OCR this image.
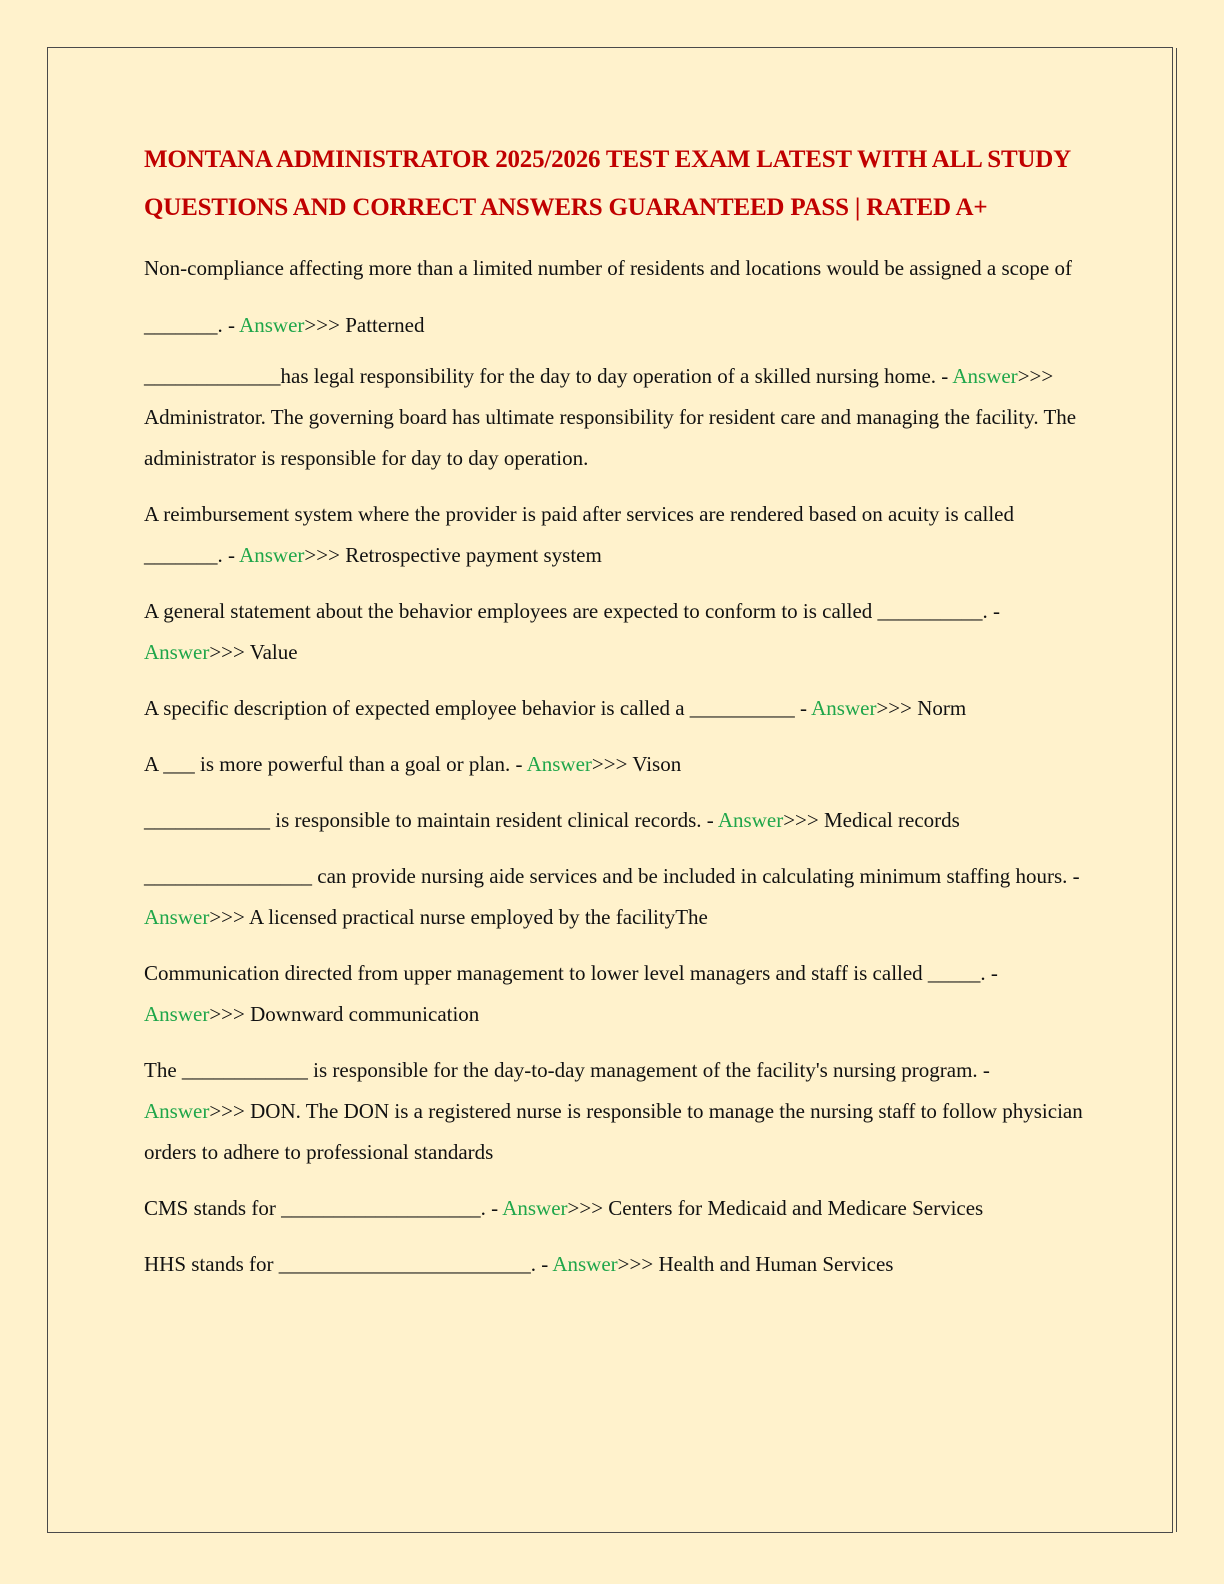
MONTANA ADMINISTRATOR 2025/2026 TEST EXAM LATEST WITH ALL STUDY QUESTIONS AND CORRECT ANSWERS GUARANTEED PASS | RATED A+

Non-compliance affecting more than a limited number of residents and locations would be assigned a scope of _______. - Answer>>> Patterned

_____________has legal responsibility for the day to day operation of a skilled nursing home. - Answer>>> Administrator. The governing board has ultimate responsibility for resident care and managing the facility. The administrator is responsible for day to day operation.

A reimbursement system where the provider is paid after services are rendered based on acuity is called _______. - Answer>>> Retrospective payment system

A general statement about the behavior employees are expected to conform to is called __________. - Answer>>> Value

A specific description of expected employee behavior is called a __________ - Answer>>> Norm

A ___ is more powerful than a goal or plan. - Answer>>> Vison

____________ is responsible to maintain resident clinical records. - Answer>>> Medical records

________________ can provide nursing aide services and be included in calculating minimum staffing hours. - Answer>>> A licensed practical nurse employed by the facilityThe

Communication directed from upper management to lower level managers and staff is called _____. - Answer>>> Downward communication

The ____________ is responsible for the day-to-day management of the facility's nursing program. - Answer>>> DON. The DON is a registered nurse is responsible to manage the nursing staff to follow physician orders to adhere to professional standards

CMS stands for ___________________. - Answer>>> Centers for Medicaid and Medicare Services

HHS stands for ________________________. - Answer>>> Health and Human Services
